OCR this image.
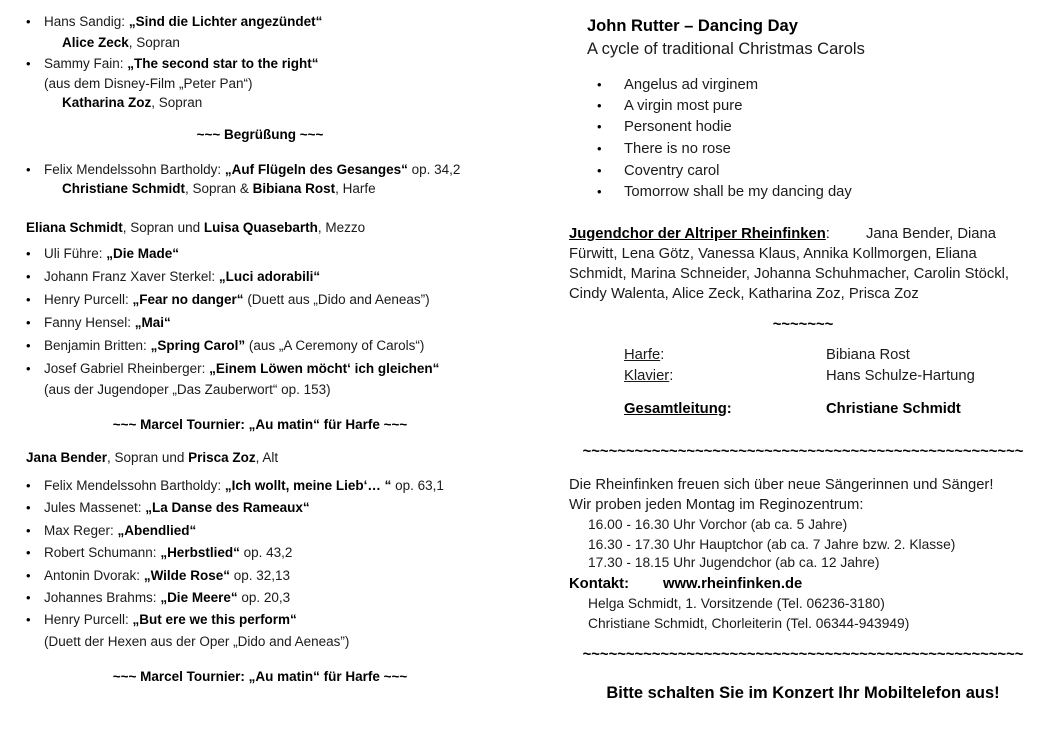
• Hans Sandig: „Sind die Lichter angezündet“
Alice Zeck, Sopran
• Sammy Fain: „The second star to the right“
(aus dem Disney-Film „Peter Pan“)
Katharina Zoz, Sopran
~~~ Begrüßung ~~~
• Felix Mendelssohn Bartholdy: „Auf Flügeln des Gesanges“ op. 34,2
Christiane Schmidt, Sopran & Bibiana Rost, Harfe
Eliana Schmidt, Sopran und Luisa Quasebarth, Mezzo
• Uli Führe: „Die Made“
• Johann Franz Xaver Sterkel: „Luci adorabili“
• Henry Purcell: „Fear no danger“ (Duett aus „Dido and Aeneas”)
• Fanny Hensel: „Mai“
• Benjamin Britten: „Spring Carol” (aus „A Ceremony of Carols“)
• Josef Gabriel Rheinberger: „Einem Löwen möcht‘ ich gleichen“
(aus der Jugendoper „Das Zauberwort“ op. 153)
~~~ Marcel Tournier: „Au matin“ für Harfe ~~~
Jana Bender, Sopran und Prisca Zoz, Alt
• Felix Mendelssohn Bartholdy: „Ich wollt, meine Lieb‘… “ op. 63,1
• Jules Massenet: „La Danse des Rameaux“
• Max Reger: „Abendlied“
• Robert Schumann: „Herbstlied“ op. 43,2
• Antonin Dvorak: „Wilde Rose“ op. 32,13
• Johannes Brahms: „Die Meere“ op. 20,3
• Henry Purcell: „But ere we this perform“
(Duett der Hexen aus der Oper „Dido and Aeneas”)
~~~ Marcel Tournier: „Au matin“ für Harfe ~~~
John Rutter – Dancing Day
A cycle of traditional Christmas Carols
• Angelus ad virginem
• A virgin most pure
• Personent hodie
• There is no rose
• Coventry carol
• Tomorrow shall be my dancing day
Jugendchor der Altriper Rheinfinken: Jana Bender, Diana
Fürwitt, Lena Götz, Vanessa Klaus, Annika Kollmorgen, Eliana
Schmidt, Marina Schneider, Johanna Schuhmacher, Carolin Stöckl,
Cindy Walenta, Alice Zeck, Katharina Zoz, Prisca Zoz
~~~~~~~
Harfe:	Bibiana Rost
Klavier:	Hans Schulze-Hartung
Gesamtleitung:	Christiane Schmidt
~~~~~~~~~~~~~~~~~~~~~~~~~~~~~~~~~~~~~~~~~~~~~~~~~~~
Die Rheinfinken freuen sich über neue Sängerinnen und Sänger!
Wir proben jeden Montag im Reginozentrum:
16.00 - 16.30 Uhr Vorchor (ab ca. 5 Jahre)
16.30 - 17.30 Uhr Hauptchor (ab ca. 7 Jahre bzw. 2. Klasse)
17.30 - 18.15 Uhr Jugendchor (ab ca. 12 Jahre)
Kontakt: www.rheinfinken.de
Helga Schmidt, 1. Vorsitzende (Tel. 06236-3180)
Christiane Schmidt, Chorleiterin (Tel. 06344-943949)
~~~~~~~~~~~~~~~~~~~~~~~~~~~~~~~~~~~~~~~~~~~~~~~~~~~
Bitte schalten Sie im Konzert Ihr Mobiltelefon aus!
